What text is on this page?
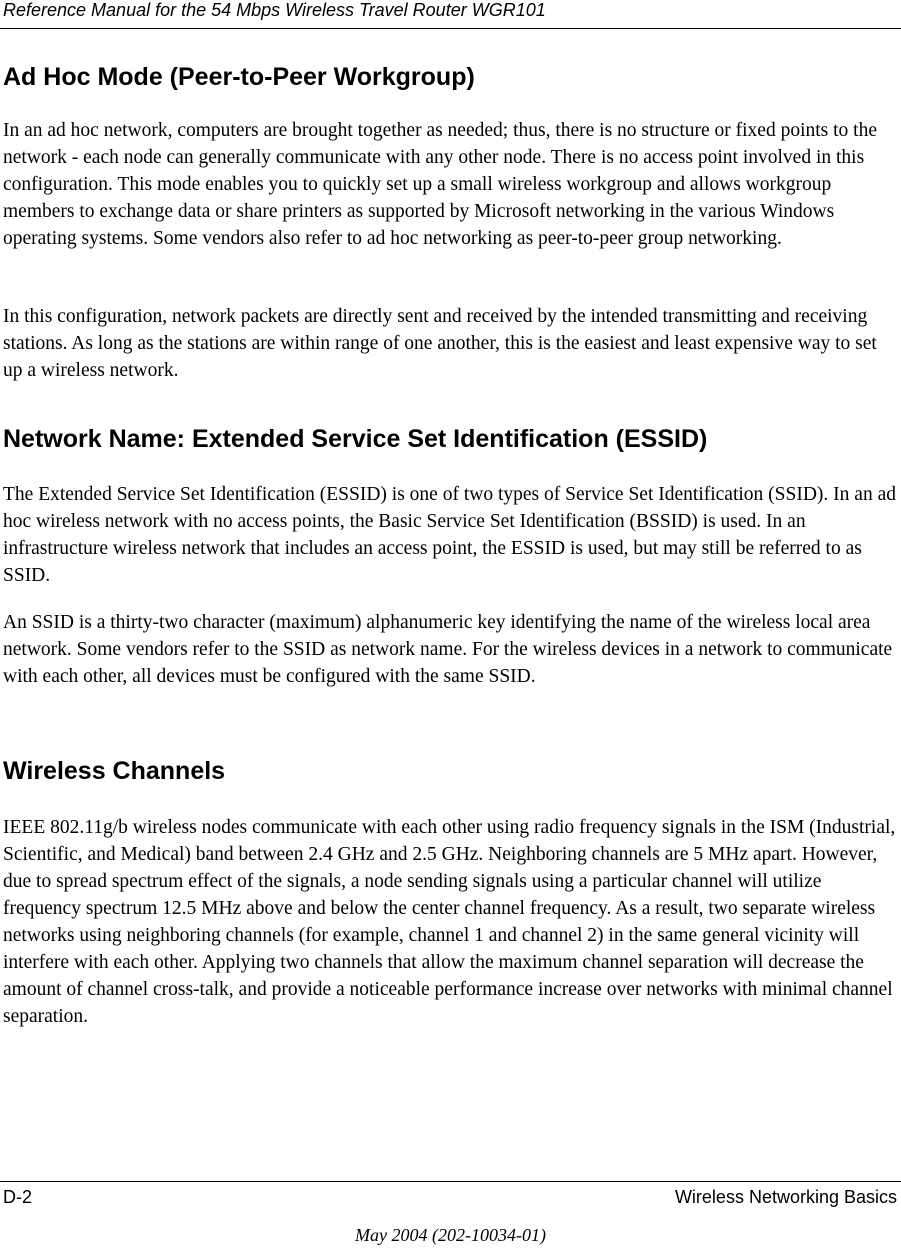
Reference Manual for the 54 Mbps Wireless Travel Router WGR101
Ad Hoc Mode (Peer-to-Peer Workgroup)

In an ad hoc network, computers are brought together as needed; thus, there is no structure or fixed points to the network - each node can generally communicate with any other node. There is no access point involved in this configuration. This mode enables you to quickly set up a small wireless workgroup and allows workgroup members to exchange data or share printers as supported by Microsoft networking in the various Windows operating systems. Some vendors also refer to ad hoc networking as peer-to-peer group networking.

In this configuration, network packets are directly sent and received by the intended transmitting and receiving stations. As long as the stations are within range of one another, this is the easiest and least expensive way to set up a wireless network.

Network Name: Extended Service Set Identification (ESSID)

The Extended Service Set Identification (ESSID) is one of two types of Service Set Identification (SSID). In an ad hoc wireless network with no access points, the Basic Service Set Identification (BSSID) is used. In an infrastructure wireless network that includes an access point, the ESSID is used, but may still be referred to as SSID.

An SSID is a thirty-two character (maximum) alphanumeric key identifying the name of the wireless local area network. Some vendors refer to the SSID as network name. For the wireless devices in a network to communicate with each other, all devices must be configured with the same SSID.

Wireless Channels

IEEE 802.11g/b wireless nodes communicate with each other using radio frequency signals in the ISM (Industrial, Scientific, and Medical) band between 2.4 GHz and 2.5 GHz. Neighboring channels are 5 MHz apart. However, due to spread spectrum effect of the signals, a node sending signals using a particular channel will utilize frequency spectrum 12.5 MHz above and below the center channel frequency. As a result, two separate wireless networks using neighboring channels (for example, channel 1 and channel 2) in the same general vicinity will interfere with each other. Applying two channels that allow the maximum channel separation will decrease the amount of channel cross-talk, and provide a noticeable performance increase over networks with minimal channel separation.

D-2	Wireless Networking Basics
May 2004 (202-10034-01)
